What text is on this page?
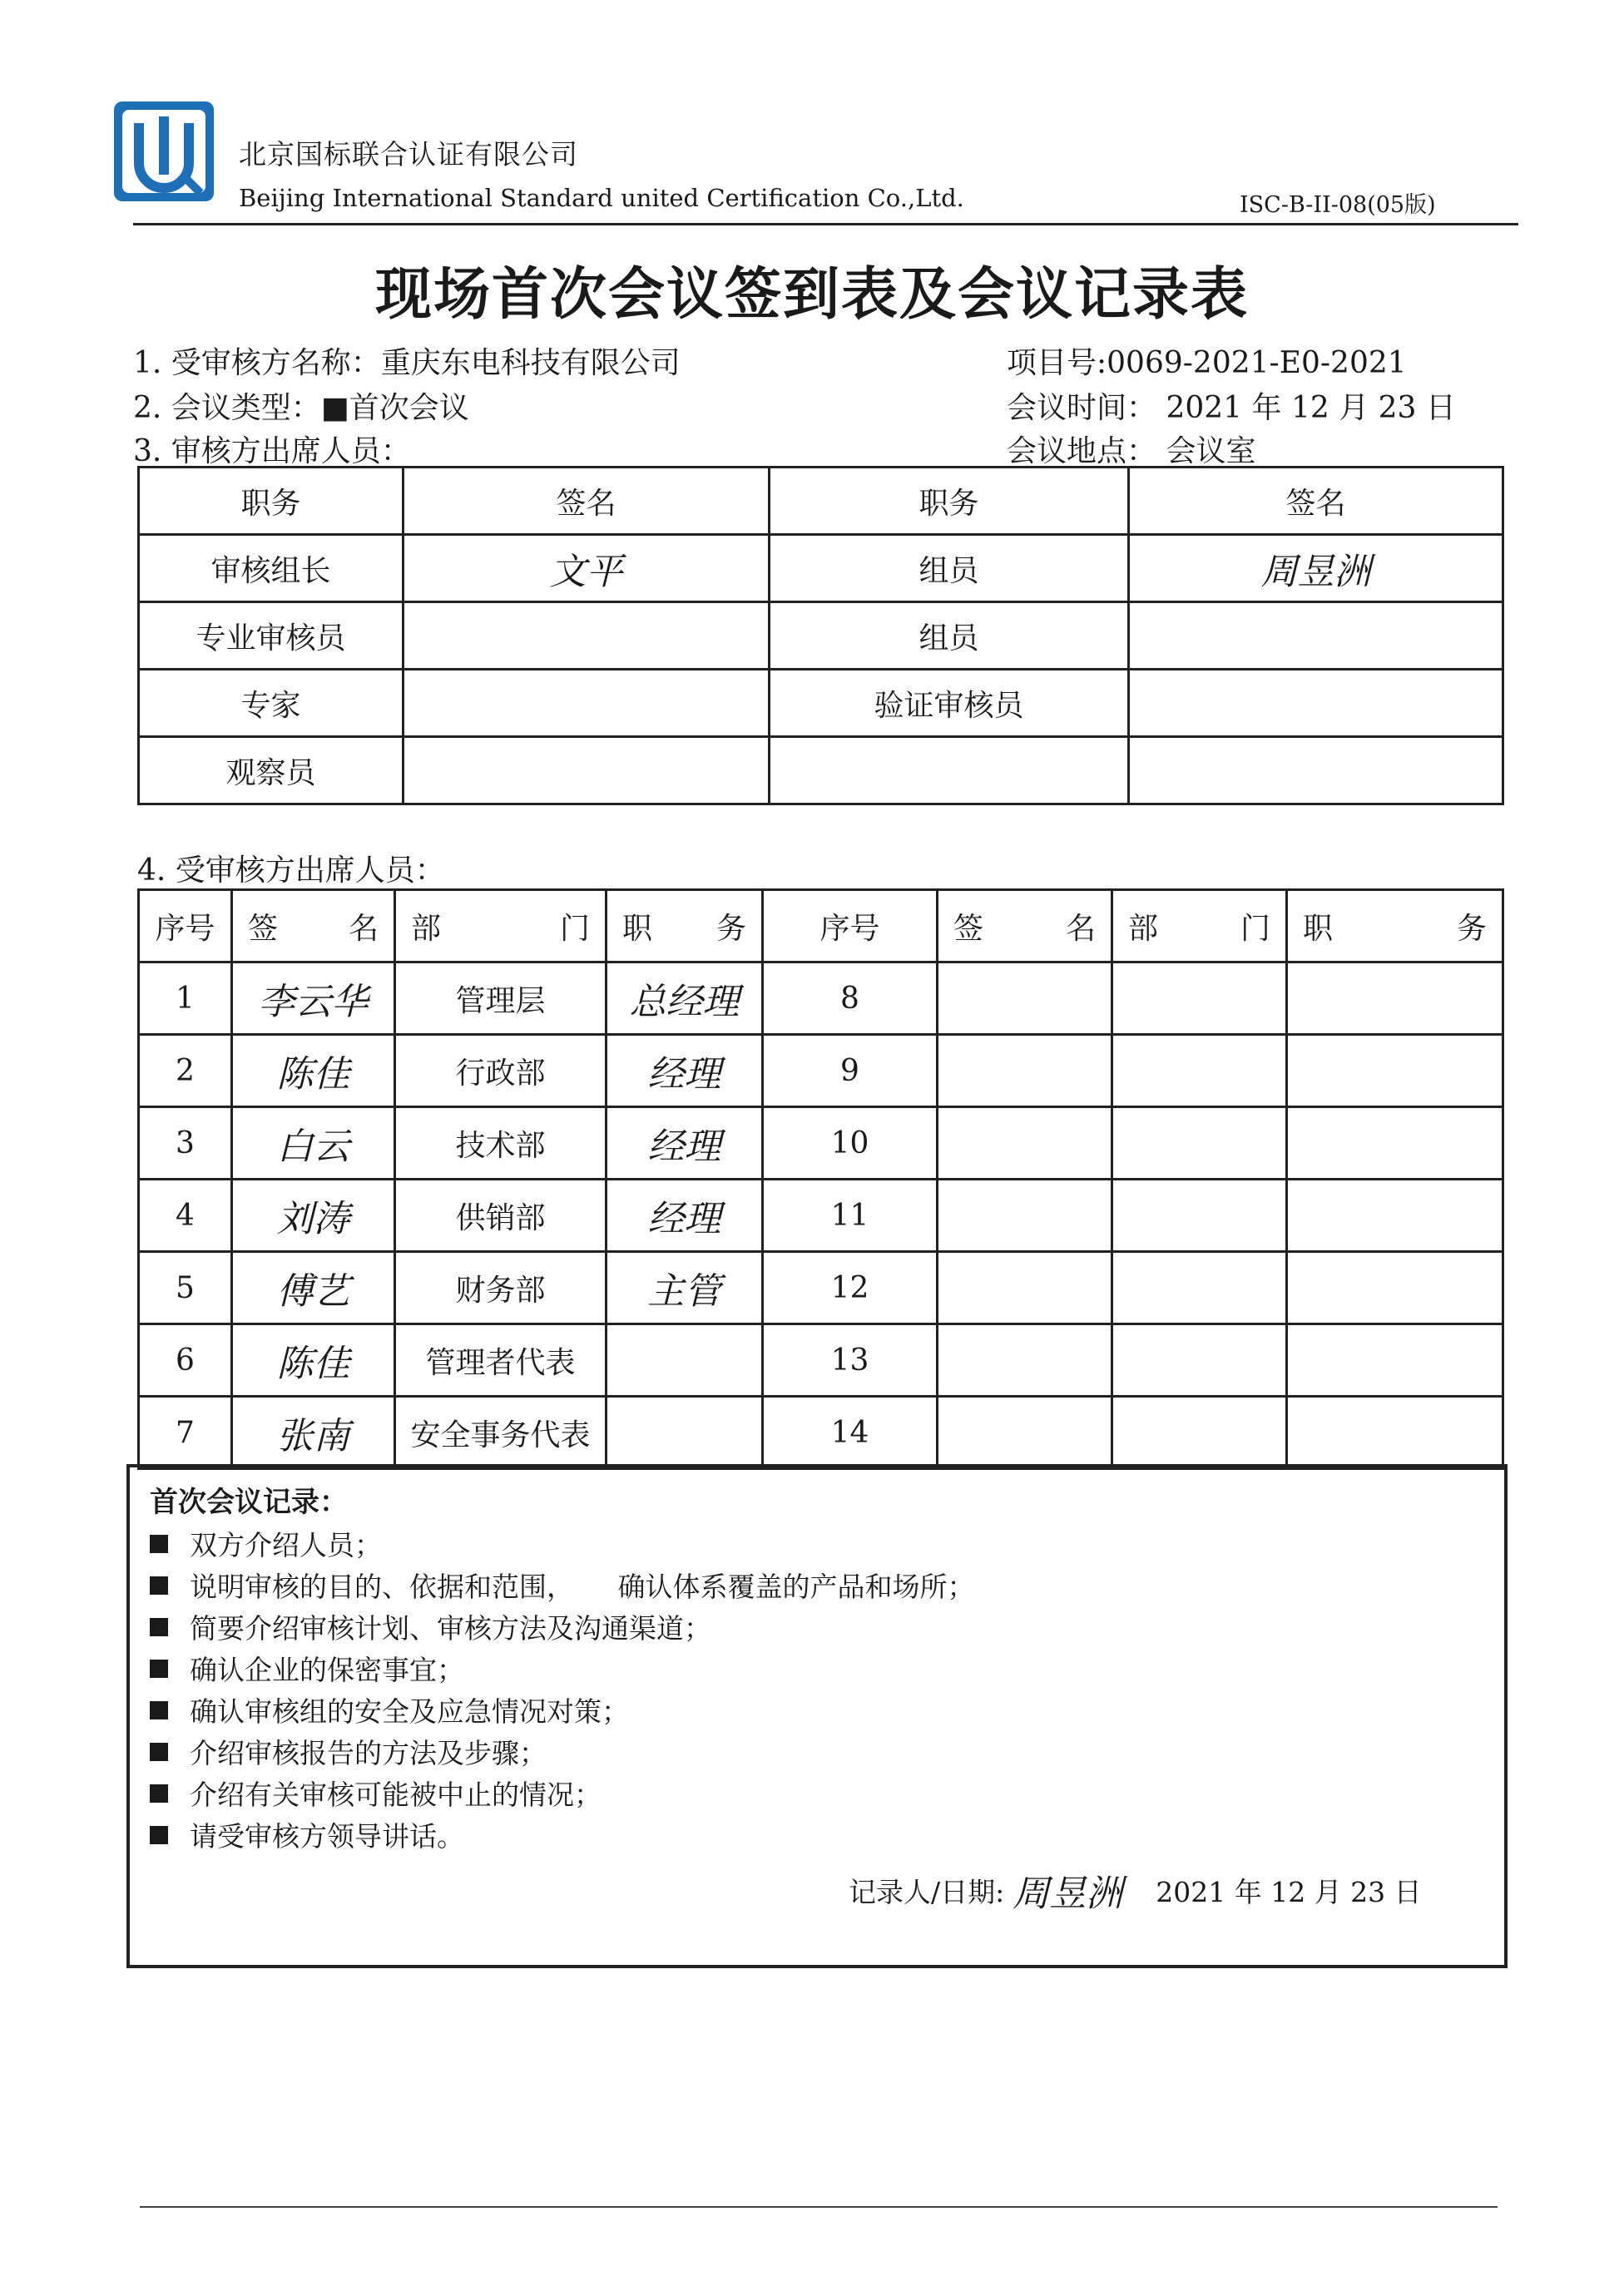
北京国标联合认证有限公司
Beijing International Standard united Certification Co.,Ltd.	ISC-B-II-08(05版)
现场首次会议签到表及会议记录表
1. 受审核方名称：重庆东电科技有限公司
2. 会议类型：■首次会议
3. 审核方出席人员：
项目号:0069-2021-E0-2021
会议时间： 2021 年 12 月 23 日
会议地点： 会议室
职务	签名	职务	签名
审核组长	文平	组员	周昱洲
专业审核员		组员	
专家		验证审核员	
观察员			
4. 受审核方出席人员：
序号	签 名	部 门	职 务	序号	签 名	部 门	职 务

1	李云华	管理层	总经理	8			
2	陈佳	行政部	经理	9			
3	白云	技术部	经理	10			
4	刘涛	供销部	经理	11			
5	傅艺	财务部	主管	12			
6	陈佳	管理者代表		13			
7	张南	安全事务代表		14			
首次会议记录：
双方介绍人员；
说明审核的目的、依据和范围，     确认体系覆盖的产品和场所；
简要介绍审核计划、审核方法及沟通渠道；
确认企业的保密事宜；
确认审核组的安全及应急情况对策；
介绍审核报告的方法及步骤；
介绍有关审核可能被中止的情况；
请受审核方领导讲话。
记录人/日期: 周昱洲 2021 年 12 月 23 日
